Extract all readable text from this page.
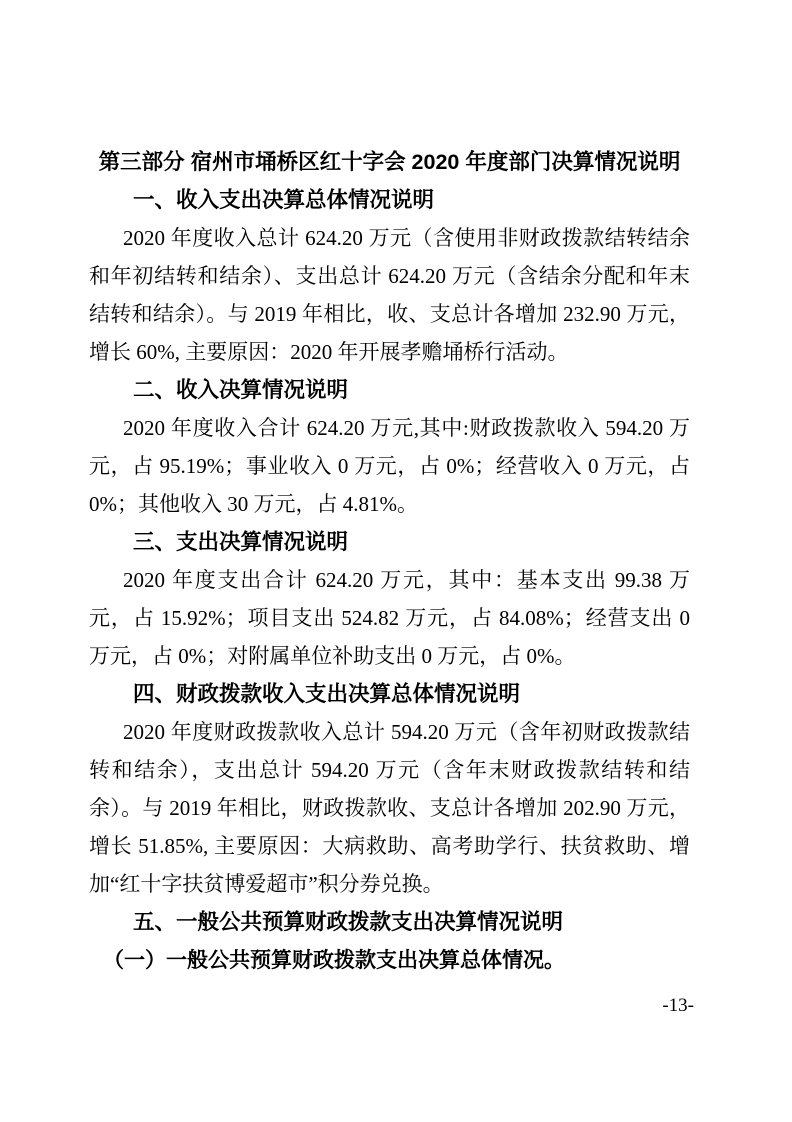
第三部分 宿州市埇桥区红十字会 2020 年度部门决算情况说明

一、收入支出决算总体情况说明

2020 年度收入总计 624.20 万元（含使用非财政拨款结转结余和年初结转和结余）、支出总计 624.20 万元（含结余分配和年末结转和结余）。与 2019 年相比，收、支总计各增加 232.90 万元，增长 60%, 主要原因：2020 年开展孝赡埇桥行活动。

二、收入决算情况说明

2020 年度收入合计 624.20 万元,其中:财政拨款收入 594.20 万元，占 95.19%；事业收入 0 万元，占 0%；经营收入 0 万元，占 0%；其他收入 30 万元，占 4.81%。

三、支出决算情况说明

2020 年度支出合计 624.20 万元，其中：基本支出 99.38 万元，占 15.92%；项目支出 524.82 万元，占 84.08%；经营支出 0 万元，占 0%；对附属单位补助支出 0 万元，占 0%。

四、财政拨款收入支出决算总体情况说明

2020 年度财政拨款收入总计 594.20 万元（含年初财政拨款结转和结余），支出总计 594.20 万元（含年末财政拨款结转和结余）。与 2019 年相比，财政拨款收、支总计各增加 202.90 万元，增长 51.85%, 主要原因：大病救助、高考助学行、扶贫救助、增加“红十字扶贫博爱超市”积分券兑换。

五、一般公共预算财政拨款支出决算情况说明

（一）一般公共预算财政拨款支出决算总体情况。

-13-
